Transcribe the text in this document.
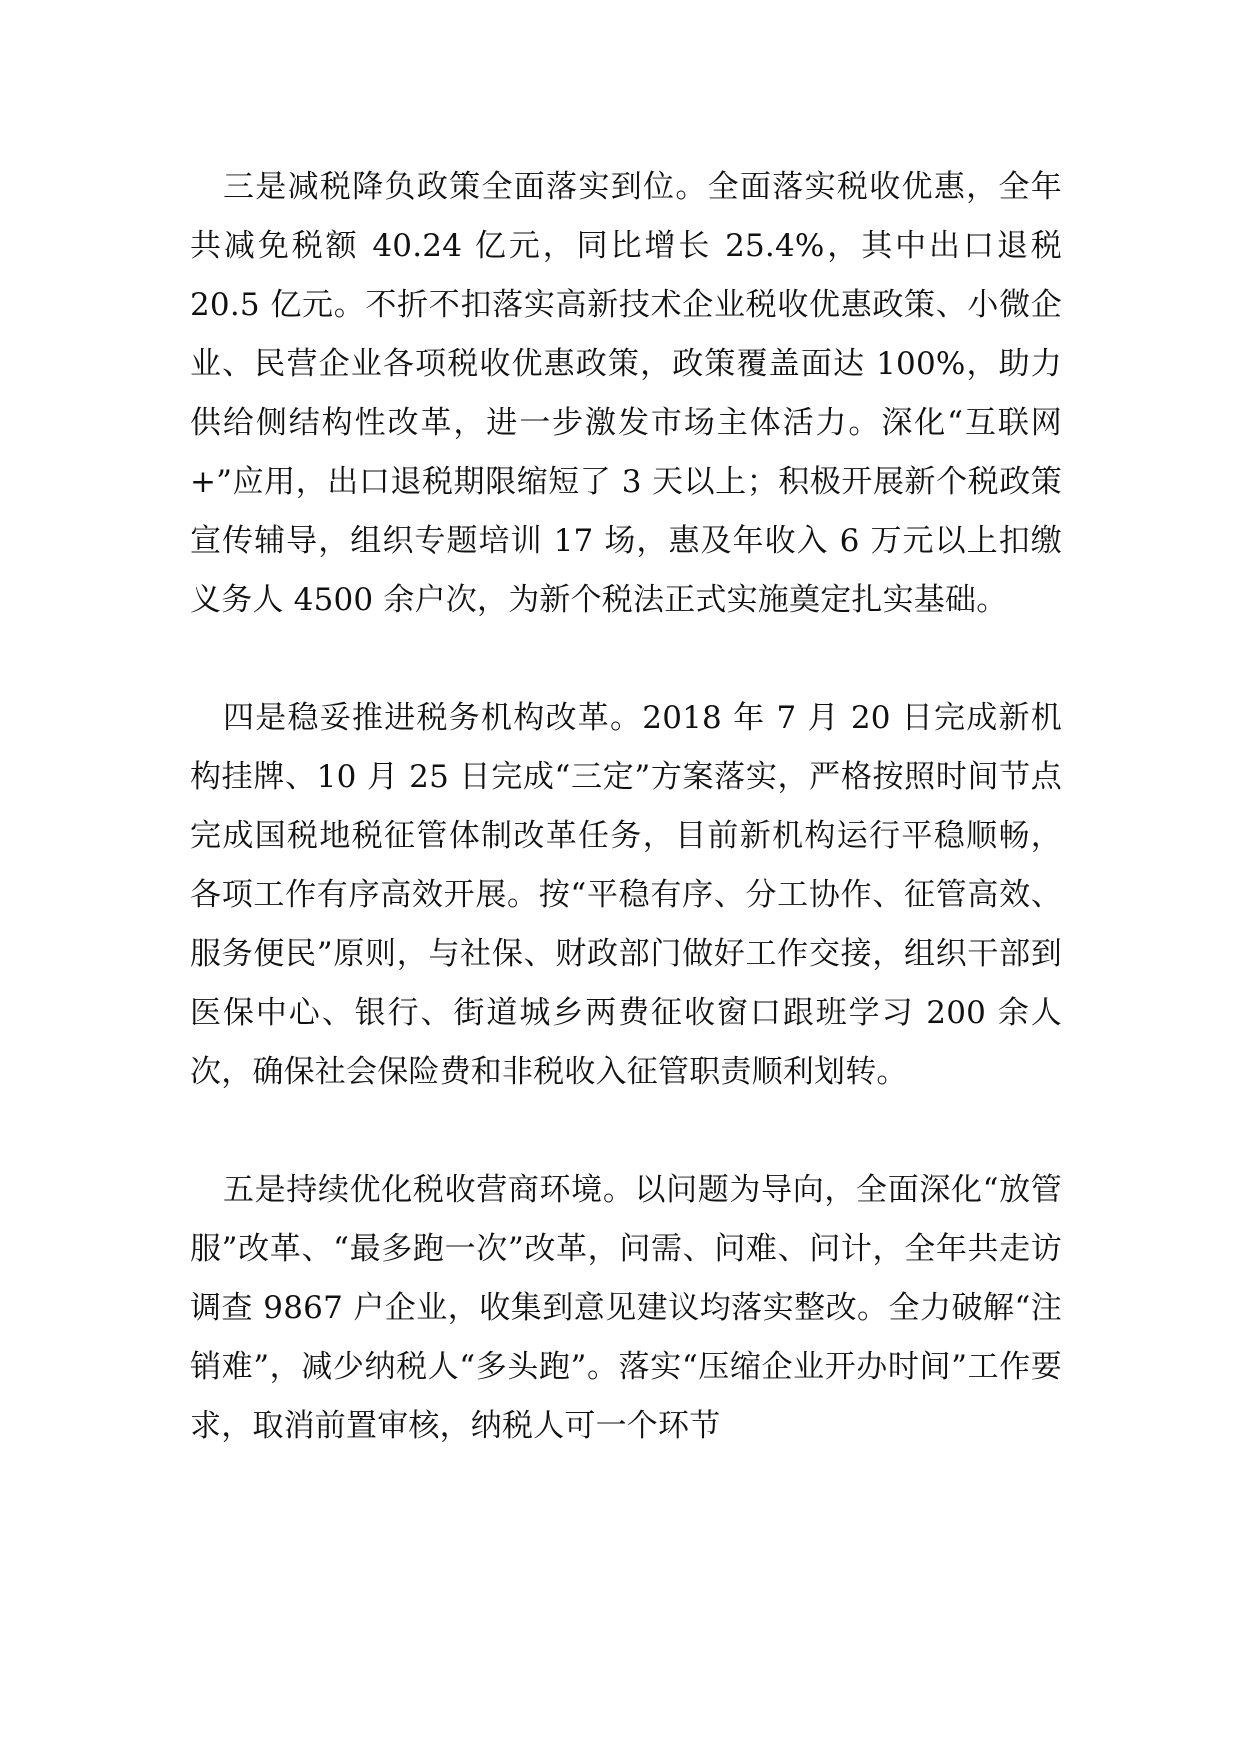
三是减税降负政策全面落实到位。全面落实税收优惠，全年共减免税额 40.24 亿元，同比增长 25.4%，其中出口退税 20.5 亿元。不折不扣落实高新技术企业税收优惠政策、小微企业、民营企业各项税收优惠政策，政策覆盖面达 100%，助力供给侧结构性改革，进一步激发市场主体活力。深化“互联网+”应用，出口退税期限缩短了 3 天以上；积极开展新个税政策宣传辅导，组织专题培训 17 场，惠及年收入 6 万元以上扣缴义务人 4500 余户次，为新个税法正式实施奠定扎实基础。

四是稳妥推进税务机构改革。2018 年 7 月 20 日完成新机构挂牌、10 月 25 日完成“三定”方案落实，严格按照时间节点完成国税地税征管体制改革任务，目前新机构运行平稳顺畅，各项工作有序高效开展。按“平稳有序、分工协作、征管高效、服务便民”原则，与社保、财政部门做好工作交接，组织干部到医保中心、银行、街道城乡两费征收窗口跟班学习 200 余人次，确保社会保险费和非税收入征管职责顺利划转。

五是持续优化税收营商环境。以问题为导向，全面深化“放管服”改革、“最多跑一次”改革，问需、问难、问计，全年共走访调查 9867 户企业，收集到意见建议均落实整改。全力破解“注销难”，减少纳税人“多头跑”。落实“压缩企业开办时间”工作要求，取消前置审核，纳税人可一个环节
